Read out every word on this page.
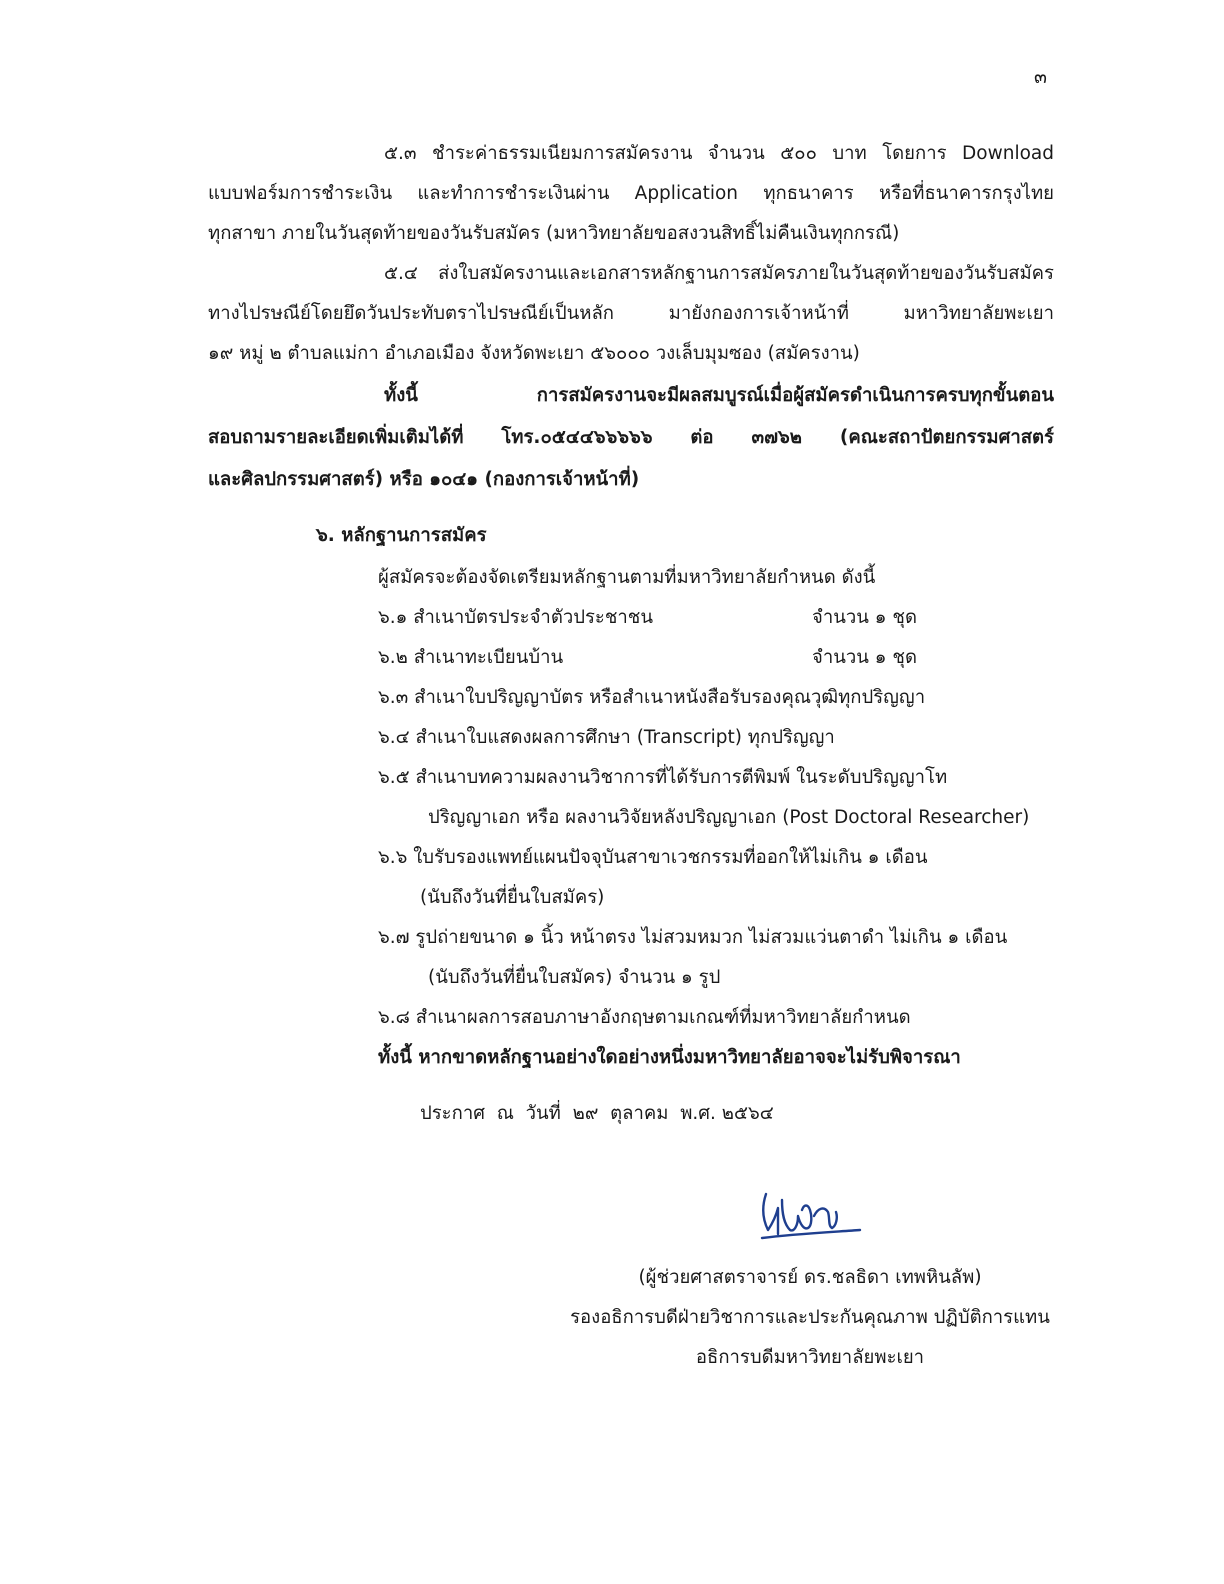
๓
๕.๓ ชำระค่าธรรมเนียมการสมัครงาน จำนวน ๕๐๐ บาท โดยการ Download
แบบฟอร์มการชำระเงิน และทำการชำระเงินผ่าน Application ทุกธนาคาร หรือที่ธนาคารกรุงไทย
ทุกสาขา ภายในวันสุดท้ายของวันรับสมัคร (มหาวิทยาลัยขอสงวนสิทธิ์ไม่คืนเงินทุกกรณี)
๕.๔ ส่งใบสมัครงานและเอกสารหลักฐานการสมัครภายในวันสุดท้ายของวันรับสมัคร
ทางไปรษณีย์โดยยึดวันประทับตราไปรษณีย์เป็นหลัก มายังกองการเจ้าหน้าที่ มหาวิทยาลัยพะเยา
๑๙ หมู่ ๒ ตำบลแม่กา อำเภอเมือง จังหวัดพะเยา ๕๖๐๐๐ วงเล็บมุมซอง (สมัครงาน)
ทั้งนี้ การสมัครงานจะมีผลสมบูรณ์เมื่อผู้สมัครดำเนินการครบทุกขั้นตอน
สอบถามรายละเอียดเพิ่มเติมได้ที่ โทร.๐๕๔๔๖๖๖๖๖ ต่อ ๓๗๖๒ (คณะสถาปัตยกรรมศาสตร์
และศิลปกรรมศาสตร์) หรือ ๑๐๔๑ (กองการเจ้าหน้าที่)
๖. หลักฐานการสมัคร
ผู้สมัครจะต้องจัดเตรียมหลักฐานตามที่มหาวิทยาลัยกำหนด ดังนี้
๖.๑ สำเนาบัตรประจำตัวประชาชน	จำนวน ๑ ชุด
๖.๒ สำเนาทะเบียนบ้าน	จำนวน ๑ ชุด
๖.๓ สำเนาใบปริญญาบัตร หรือสำเนาหนังสือรับรองคุณวุฒิทุกปริญญา
๖.๔ สำเนาใบแสดงผลการศึกษา (Transcript) ทุกปริญญา
๖.๕ สำเนาบทความผลงานวิชาการที่ได้รับการตีพิมพ์ ในระดับปริญญาโท
ปริญญาเอก หรือ ผลงานวิจัยหลังปริญญาเอก (Post Doctoral Researcher)
๖.๖ ใบรับรองแพทย์แผนปัจจุบันสาขาเวชกรรมที่ออกให้ไม่เกิน ๑ เดือน
(นับถึงวันที่ยื่นใบสมัคร)
๖.๗ รูปถ่ายขนาด ๑ นิ้ว หน้าตรง ไม่สวมหมวก ไม่สวมแว่นตาดำ ไม่เกิน ๑ เดือน
(นับถึงวันที่ยื่นใบสมัคร) จำนวน ๑ รูป
๖.๘ สำเนาผลการสอบภาษาอังกฤษตามเกณฑ์ที่มหาวิทยาลัยกำหนด
ทั้งนี้ หากขาดหลักฐานอย่างใดอย่างหนึ่งมหาวิทยาลัยอาจจะไม่รับพิจารณา
ประกาศ  ณ  วันที่  ๒๙  ตุลาคม  พ.ศ. ๒๕๖๔
(ผู้ช่วยศาสตราจารย์ ดร.ชลธิดา เทพหินลัพ)
รองอธิการบดีฝ่ายวิชาการและประกันคุณภาพ ปฏิบัติการแทน
อธิการบดีมหาวิทยาลัยพะเยา
